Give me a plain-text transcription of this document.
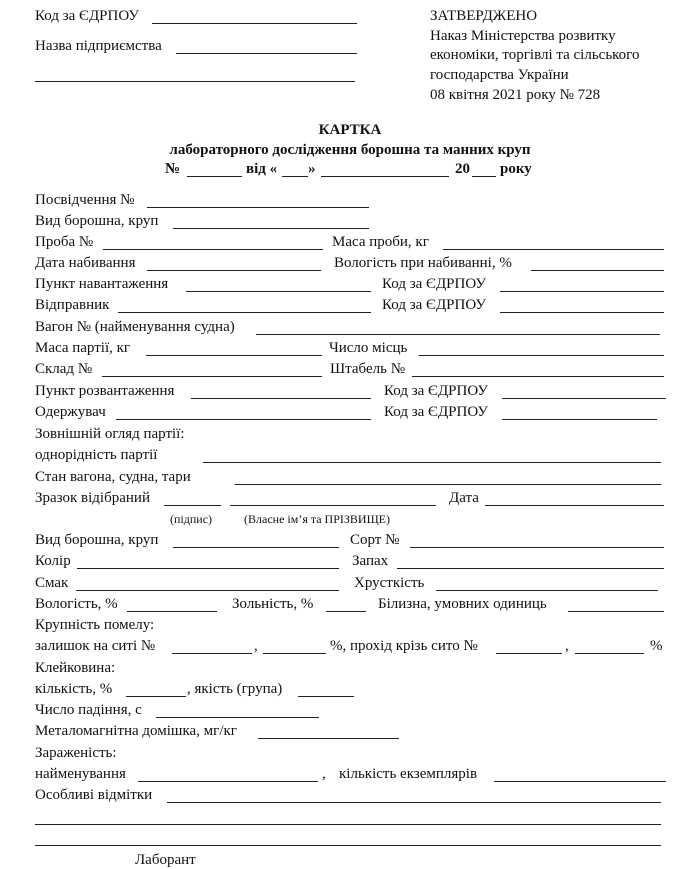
Код за ЄДРПОУ
Назва підприємства
ЗАТВЕРДЖЕНО
Наказ Міністерства розвитку
економіки, торгівлі та сільського
господарства України
08 квітня 2021 року № 728
КАРТКА
лабораторного дослідження борошна та манних круп
№	від « »	20 року
Посвідчення №
Вид борошна, круп
Проба №	Маса проби, кг
Дата набивання	Вологість при набиванні, %
Пункт навантаження	Код за ЄДРПОУ
Відправник	Код за ЄДРПОУ
Вагон № (найменування судна)
Маса партії, кг	Число місць
Склад №	Штабель №
Пункт розвантаження	Код за ЄДРПОУ
Одержувач	Код за ЄДРПОУ
Зовнішній огляд партії:
однорідність партії
Стан вагона, судна, тари
Зразок відібраний	Дата
(підпис)	(Власне ім’я та ПРІЗВИЩЕ)
Вид борошна, круп	Сорт №
Колір	Запах
Смак	Хрусткість
Вологість, %	Зольність, %	Білизна, умовних одиниць
Крупність помелу:
залишок на ситі №	,	%, прохід крізь сито №	,	%
Клейковина:
кількість, %	, якість (група)
Число падіння, с
Металомагнітна домішка, мг/кг
Зараженість:
найменування	, кількість екземплярів
Особливі відмітки
Лаборант
